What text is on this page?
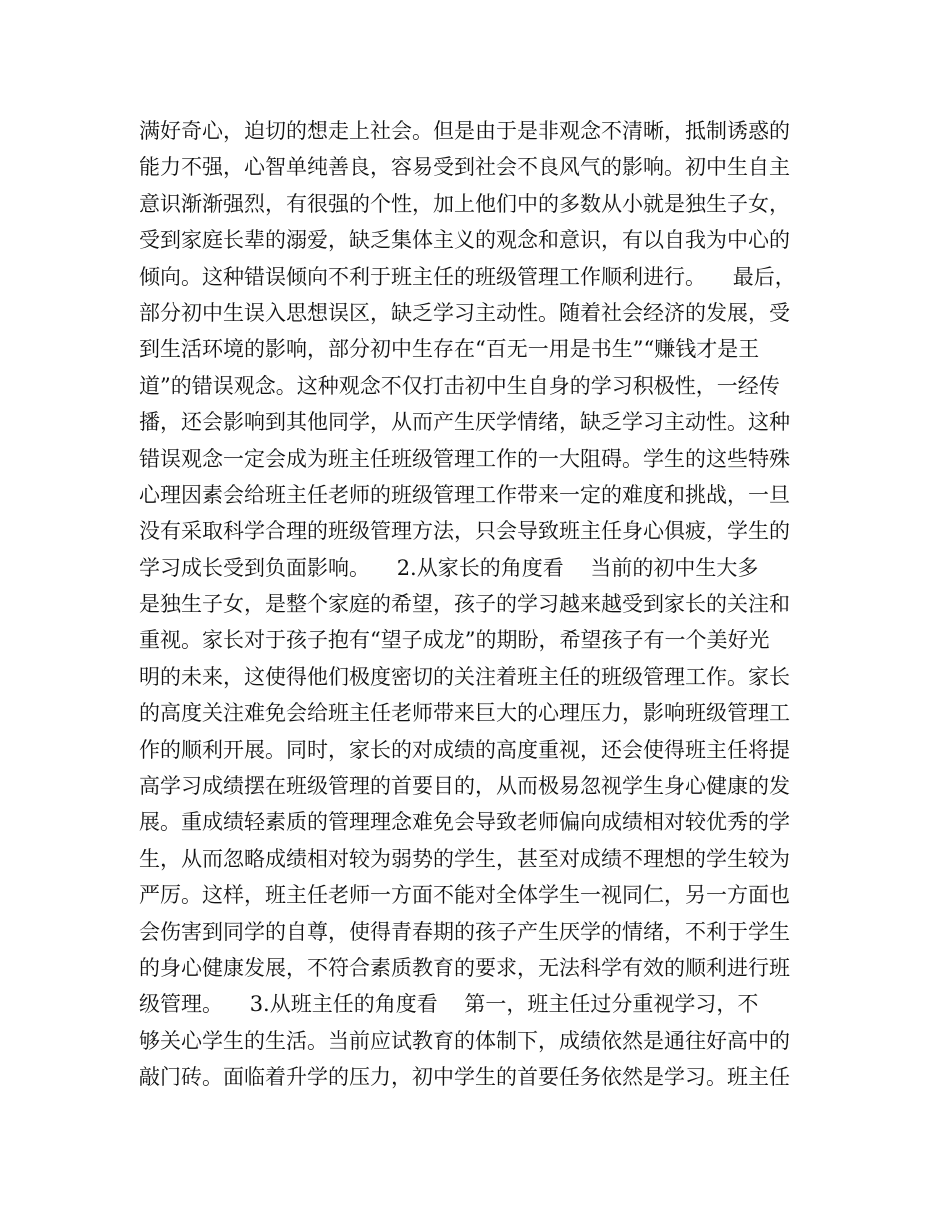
满好奇心，迫切的想走上社会。但是由于是非观念不清晰，抵制诱惑的
能力不强，心智单纯善良，容易受到社会不良风气的影响。初中生自主
意识渐渐强烈，有很强的个性，加上他们中的多数从小就是独生子女，
受到家庭长辈的溺爱，缺乏集体主义的观念和意识，有以自我为中心的
倾向。这种错误倾向不利于班主任的班级管理工作顺利进行。    最后，
部分初中生误入思想误区，缺乏学习主动性。随着社会经济的发展，受
到生活环境的影响，部分初中生存在“百无一用是书生”“赚钱才是王
道”的错误观念。这种观念不仅打击初中生自身的学习积极性，一经传
播，还会影响到其他同学，从而产生厌学情绪，缺乏学习主动性。这种
错误观念一定会成为班主任班级管理工作的一大阻碍。学生的这些特殊
心理因素会给班主任老师的班级管理工作带来一定的难度和挑战，一旦
没有采取科学合理的班级管理方法，只会导致班主任身心俱疲，学生的
学习成长受到负面影响。    2.从家长的角度看    当前的初中生大多
是独生子女，是整个家庭的希望，孩子的学习越来越受到家长的关注和
重视。家长对于孩子抱有“望子成龙”的期盼，希望孩子有一个美好光
明的未来，这使得他们极度密切的关注着班主任的班级管理工作。家长
的高度关注难免会给班主任老师带来巨大的心理压力，影响班级管理工
作的顺利开展。同时，家长的对成绩的高度重视，还会使得班主任将提
高学习成绩摆在班级管理的首要目的，从而极易忽视学生身心健康的发
展。重成绩轻素质的管理理念难免会导致老师偏向成绩相对较优秀的学
生，从而忽略成绩相对较为弱势的学生，甚至对成绩不理想的学生较为
严厉。这样，班主任老师一方面不能对全体学生一视同仁，另一方面也
会伤害到同学的自尊，使得青春期的孩子产生厌学的情绪，不利于学生
的身心健康发展，不符合素质教育的要求，无法科学有效的顺利进行班
级管理。    3.从班主任的角度看    第一，班主任过分重视学习，不
够关心学生的生活。当前应试教育的体制下，成绩依然是通往好高中的
敲门砖。面临着升学的压力，初中学生的首要任务依然是学习。班主任
